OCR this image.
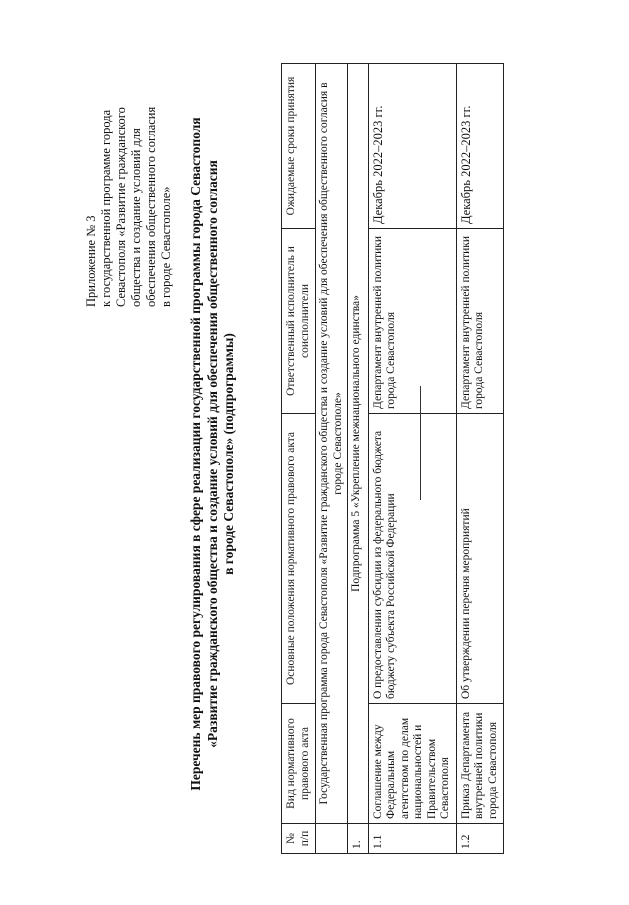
Приложение № 3 к государственной программе города Севастополя «Развитие гражданского общества и создание условий для обеспечения общественного согласия в городе Севастополе» Перечень мер правового регулирования в сфере реализации государственной программы города Севастополя «Развитие гражданского общества и создание условий для обеспечения общественного согласия в городе Севастополе» (подпрограммы)
№ п/п	Вид нормативного правового акта	Основные положения нормативного правового акта	Ответственный исполнитель и соисполнители	Ожидаемые сроки принятия
	Государственная программа города Севастополя «Развитие гражданского общества и создание условий для обеспечения общественного согласия в городе Севастополе»			
1.	Подпрограмма 5 «Укрепление межнационального единства»			
1.1	Соглашение между Федеральным агентством по делам национальностей и Правительством Севастополя	О предоставлении субсидии из федерального бюджета бюджету субъекта Российской Федерации	Департамент внутренней политики города Севастополя	Декабрь 2022–2023 гг.
1.2	Приказ Департамента внутренней политики города Севастополя	Об утверждении перечня мероприятий	Департамент внутренней политики города Севастополя	Декабрь 2022–2023 гг.
